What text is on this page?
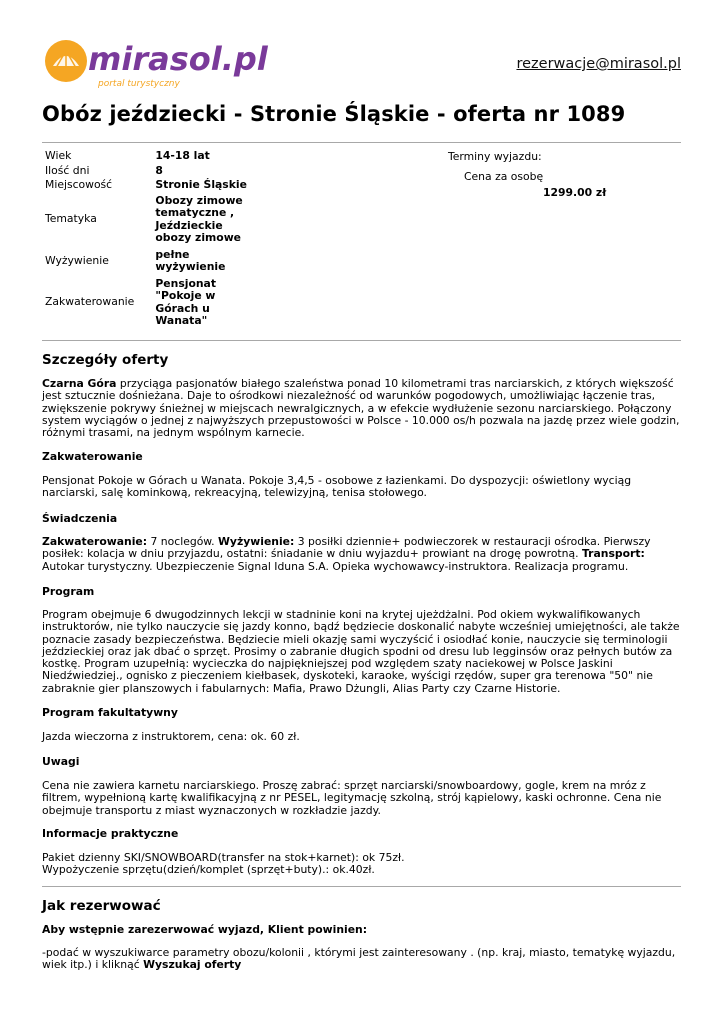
mirasol.pl
portal turystyczny
rezerwacje@mirasol.pl
Obóz jeździecki - Stronie Śląskie - oferta nr 1089
Wiek	14-18 lat
Ilość dni	8
Miejscowość	Stronie Śląskie
Tematyka	Obozy zimowe tematyczne , Jeździeckie obozy zimowe
Wyżywienie	pełne wyżywienie
Zakwaterowanie	Pensjonat "Pokoje w Górach u Wanata"
Terminy wyjazdu:
Cena za osobę
1299.00 zł
Szczegóły oferty

Czarna Góra przyciąga pasjonatów białego szaleństwa ponad 10 kilometrami tras narciarskich, z których większość jest sztucznie dośnieżana. Daje to ośrodkowi niezależność od warunków pogodowych, umożliwiając łączenie tras, zwiększenie pokrywy śnieżnej w miejscach newralgicznych, a w efekcie wydłużenie sezonu narciarskiego. Połączony system wyciągów o jednej z najwyższych przepustowości w Polsce - 10.000 os/h pozwala na jazdę przez wiele godzin, różnymi trasami, na jednym wspólnym karnecie.

Zakwaterowanie

Pensjonat Pokoje w Górach u Wanata. Pokoje 3,4,5 - osobowe z łazienkami. Do dyspozycji: oświetlony wyciąg narciarski, salę kominkową, rekreacyjną, telewizyjną, tenisa stołowego.

Świadczenia

Zakwaterowanie: 7 noclegów. Wyżywienie: 3 posiłki dziennie+ podwieczorek w restauracji ośrodka. Pierwszy posiłek: kolacja w dniu przyjazdu, ostatni: śniadanie w dniu wyjazdu+ prowiant na drogę powrotną. Transport: Autokar turystyczny. Ubezpieczenie Signal Iduna S.A. Opieka wychowawcy-instruktora. Realizacja programu.

Program

Program obejmuje 6 dwugodzinnych lekcji w stadninie koni na krytej ujeżdżalni. Pod okiem wykwalifikowanych instruktorów, nie tylko nauczycie się jazdy konno, bądź będziecie doskonalić nabyte wcześniej umiejętności, ale także poznacie zasady bezpieczeństwa. Będziecie mieli okazję sami wyczyścić i osiodłać konie, nauczycie się terminologii jeździeckiej oraz jak dbać o sprzęt. Prosimy o zabranie długich spodni od dresu lub legginsów oraz pełnych butów za kostkę. Program uzupełnią: wycieczka do najpiękniejszej pod względem szaty naciekowej w Polsce Jaskini Niedźwiedziej., ognisko z pieczeniem kiełbasek, dyskoteki, karaoke, wyścigi rzędów, super gra terenowa "50" nie zabraknie gier planszowych i fabularnych: Mafia, Prawo Dżungli, Alias Party czy Czarne Historie.

Program fakultatywny

Jazda wieczorna z instruktorem, cena: ok. 60 zł.

Uwagi

Cena nie zawiera karnetu narciarskiego. Proszę zabrać: sprzęt narciarski/snowboardowy, gogle, krem na mróz z filtrem, wypełnioną kartę kwalifikacyjną z nr PESEL, legitymację szkolną, strój kąpielowy, kaski ochronne. Cena nie obejmuje transportu z miast wyznaczonych w rozkładzie jazdy.

Informacje praktyczne

Pakiet dzienny SKI/SNOWBOARD(transfer na stok+karnet): ok 75zł.
Wypożyczenie sprzętu(dzień/komplet (sprzęt+buty).: ok.40zł.

Jak rezerwować
Aby wstępnie zarezerwować wyjazd, Klient powinien:

-podać w wyszukiwarce parametry obozu/kolonii , którymi jest zainteresowany . (np. kraj, miasto, tematykę wyjazdu, wiek itp.) i kliknąć Wyszukaj oferty
